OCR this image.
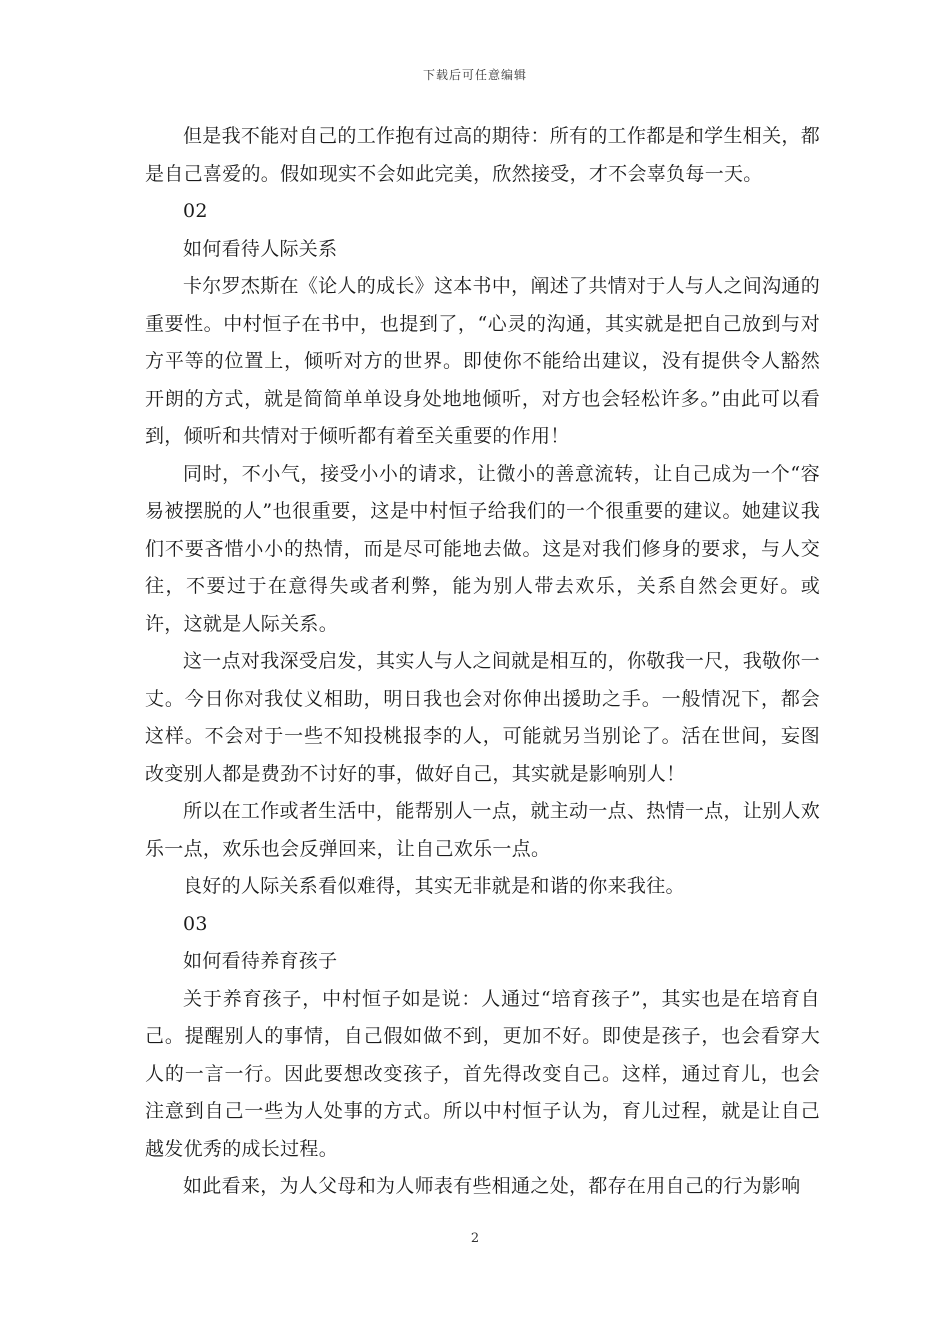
下载后可任意编辑

但是我不能对自己的工作抱有过高的期待：所有的工作都是和学生相关，都是自己喜爱的。假如现实不会如此完美，欣然接受，才不会辜负每一天。

02

如何看待人际关系

卡尔罗杰斯在《论人的成长》这本书中，阐述了共情对于人与人之间沟通的重要性。中村恒子在书中，也提到了，“心灵的沟通，其实就是把自己放到与对方平等的位置上，倾听对方的世界。即使你不能给出建议，没有提供令人豁然开朗的方式，就是简简单单设身处地地倾听，对方也会轻松许多。”由此可以看到，倾听和共情对于倾听都有着至关重要的作用！

同时，不小气，接受小小的请求，让微小的善意流转，让自己成为一个“容易被摆脱的人”也很重要，这是中村恒子给我们的一个很重要的建议。她建议我们不要吝惜小小的热情，而是尽可能地去做。这是对我们修身的要求，与人交往，不要过于在意得失或者利弊，能为别人带去欢乐，关系自然会更好。或许，这就是人际关系。

这一点对我深受启发，其实人与人之间就是相互的，你敬我一尺，我敬你一丈。今日你对我仗义相助，明日我也会对你伸出援助之手。一般情况下，都会这样。不会对于一些不知投桃报李的人，可能就另当别论了。活在世间，妄图改变别人都是费劲不讨好的事，做好自己，其实就是影响别人！

所以在工作或者生活中，能帮别人一点，就主动一点、热情一点，让别人欢乐一点，欢乐也会反弹回来，让自己欢乐一点。

良好的人际关系看似难得，其实无非就是和谐的你来我往。

03

如何看待养育孩子

关于养育孩子，中村恒子如是说：人通过“培育孩子”，其实也是在培育自己。提醒别人的事情，自己假如做不到，更加不好。即使是孩子，也会看穿大人的一言一行。因此要想改变孩子，首先得改变自己。这样，通过育儿，也会注意到自己一些为人处事的方式。所以中村恒子认为，育儿过程，就是让自己越发优秀的成长过程。

如此看来，为人父母和为人师表有些相通之处，都存在用自己的行为影响

2
